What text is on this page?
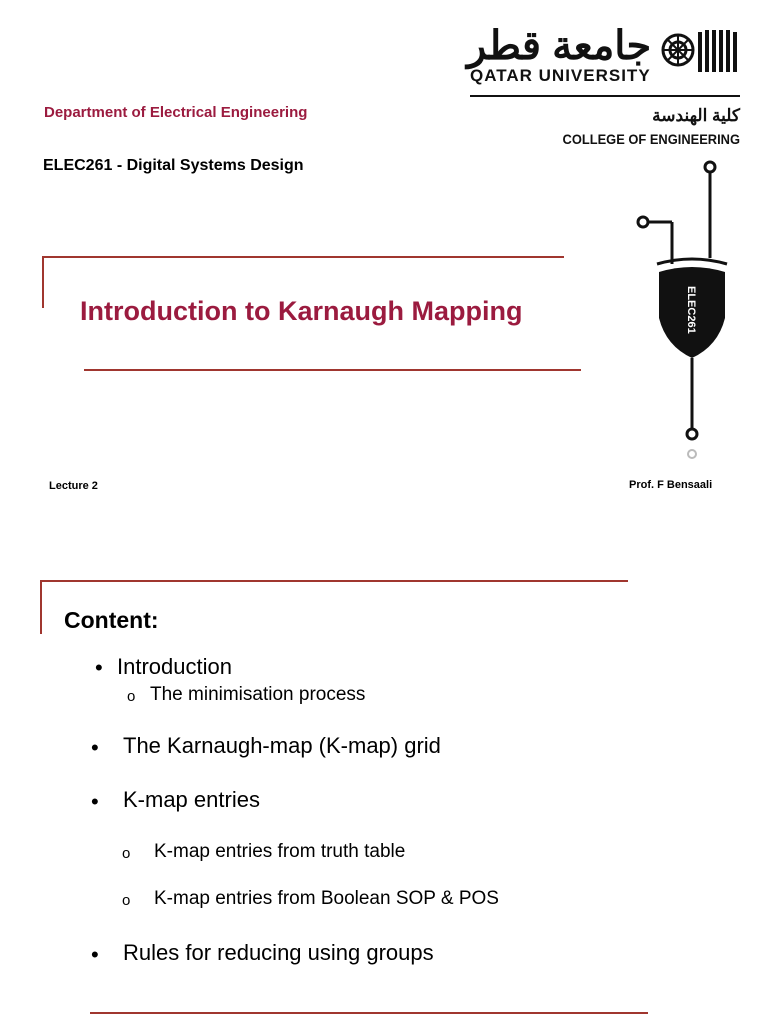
جامعة قطر
QATAR UNIVERSITY
Department of Electrical Engineering	كلية الهندسة
COLLEGE OF ENGINEERING
ELEC261 - Digital Systems Design
Introduction to Karnaugh Mapping	ELEC261
Lecture 2	Prof. F Bensaali
Content:
• Introduction
o The minimisation process
• The Karnaugh-map (K-map) grid
• K-map entries
o K-map entries from truth table
o K-map entries from Boolean SOP & POS
• Rules for reducing using groups
